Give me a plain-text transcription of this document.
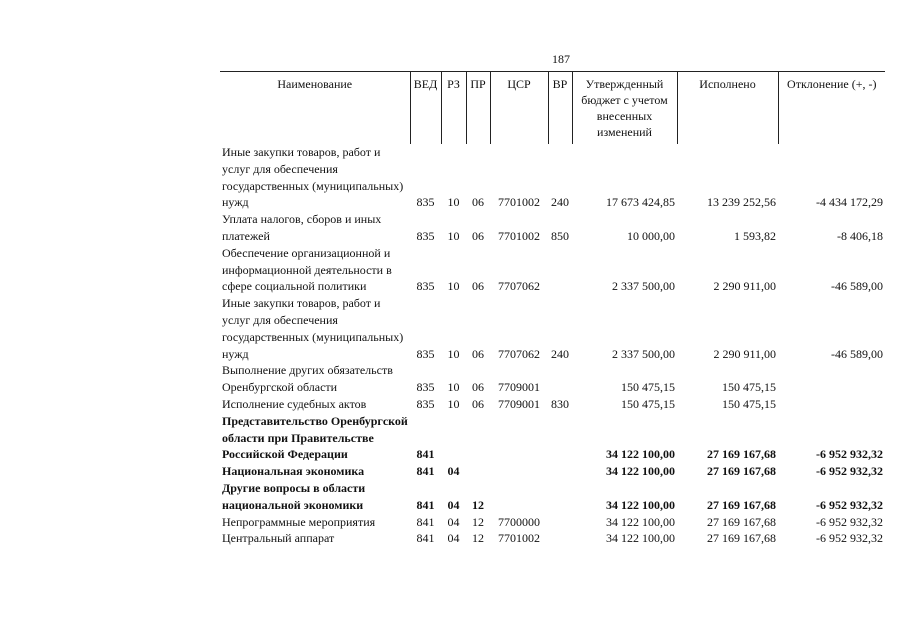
187
Наименование	ВЕД	РЗ	ПР	ЦСР	ВР	Утвержденный бюджет с учетом внесенных изменений	Исполнено	Отклонение (+, -)
Иные закупки товаров, работ и услуг для обеспечения государственных (муниципальных) нужд	835	10	06	7701002	240	17 673 424,85	13 239 252,56	-4 434 172,29
Уплата налогов, сборов и иных платежей	835	10	06	7701002	850	10 000,00	1 593,82	-8 406,18
Обеспечение организационной и информационной деятельности в сфере социальной политики	835	10	06	7707062		2 337 500,00	2 290 911,00	-46 589,00
Иные закупки товаров, работ и услуг для обеспечения государственных (муниципальных) нужд	835	10	06	7707062	240	2 337 500,00	2 290 911,00	-46 589,00
Выполнение других обязательств Оренбургской области	835	10	06	7709001		150 475,15	150 475,15	
Исполнение судебных актов	835	10	06	7709001	830	150 475,15	150 475,15	
Представительство Оренбургской области при Правительстве Российской Федерации	841					34 122 100,00	27 169 167,68	-6 952 932,32
Национальная экономика	841	04				34 122 100,00	27 169 167,68	-6 952 932,32
Другие вопросы в области национальной экономики	841	04	12			34 122 100,00	27 169 167,68	-6 952 932,32
Непрограммные мероприятия	841	04	12	7700000		34 122 100,00	27 169 167,68	-6 952 932,32
Центральный аппарат	841	04	12	7701002		34 122 100,00	27 169 167,68	-6 952 932,32
